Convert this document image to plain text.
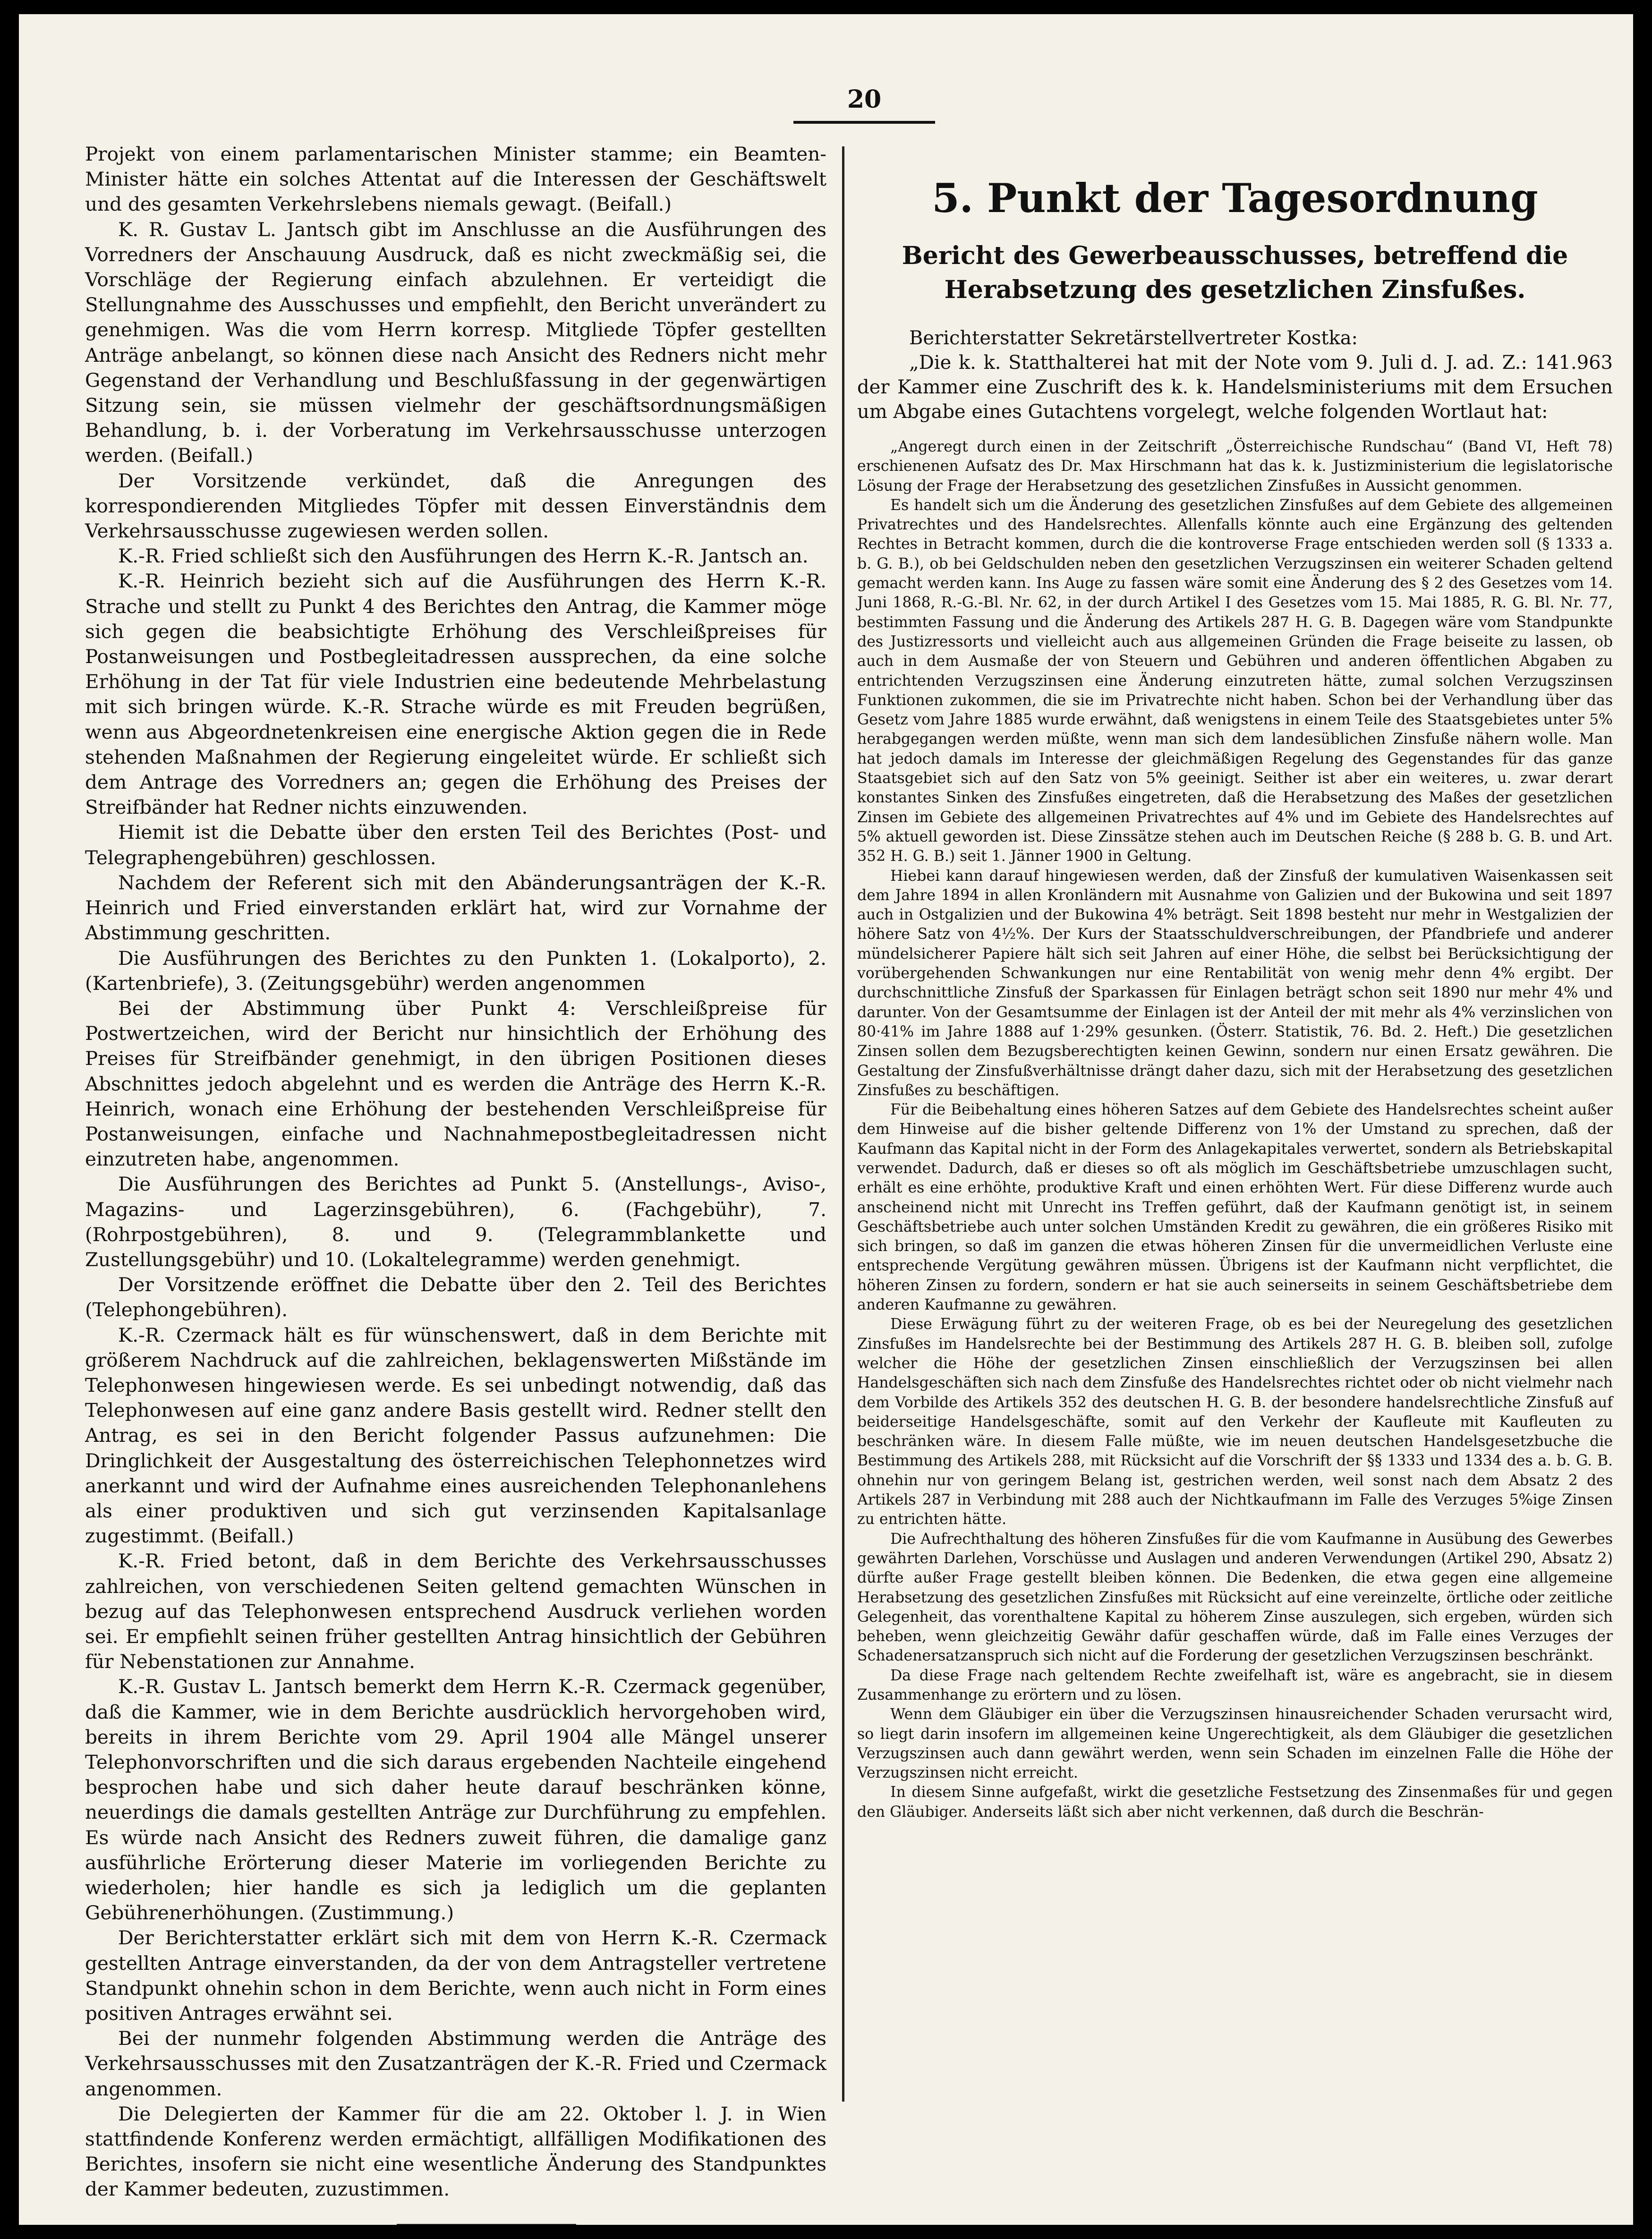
20

Projekt von einem parlamentarischen Minister stamme; ein Beamten-Minister hätte ein solches Attentat auf die Interessen der Geschäftswelt und des gesamten Verkehrslebens niemals gewagt. (Beifall.)

K. R. Gustav L. Jantsch gibt im Anschlusse an die Ausführungen des Vorredners der Anschauung Ausdruck, daß es nicht zweckmäßig sei, die Vorschläge der Regierung einfach abzulehnen. Er verteidigt die Stellungnahme des Ausschusses und empfiehlt, den Bericht unverändert zu genehmigen. Was die vom Herrn korresp. Mitgliede Töpfer gestellten Anträge anbelangt, so können diese nach Ansicht des Redners nicht mehr Gegenstand der Verhandlung und Beschlußfassung in der gegenwärtigen Sitzung sein, sie müssen vielmehr der geschäftsordnungsmäßigen Behandlung, b. i. der Vorberatung im Verkehrsausschusse unterzogen werden. (Beifall.)

Der Vorsitzende verkündet, daß die Anregungen des korrespondierenden Mitgliedes Töpfer mit dessen Einverständnis dem Verkehrsausschusse zugewiesen werden sollen.

K.-R. Fried schließt sich den Ausführungen des Herrn K.-R. Jantsch an.

K.-R. Heinrich bezieht sich auf die Ausführungen des Herrn K.-R. Strache und stellt zu Punkt 4 des Berichtes den Antrag, die Kammer möge sich gegen die beabsichtigte Erhöhung des Verschleißpreises für Postanweisungen und Postbegleitadressen aussprechen, da eine solche Erhöhung in der Tat für viele Industrien eine bedeutende Mehrbelastung mit sich bringen würde. K.-R. Strache würde es mit Freuden begrüßen, wenn aus Abgeordnetenkreisen eine energische Aktion gegen die in Rede stehenden Maßnahmen der Regierung eingeleitet würde. Er schließt sich dem Antrage des Vorredners an; gegen die Erhöhung des Preises der Streifbänder hat Redner nichts einzuwenden.

Hiemit ist die Debatte über den ersten Teil des Berichtes (Post- und Telegraphengebühren) geschlossen.

Nachdem der Referent sich mit den Abänderungsanträgen der K.-R. Heinrich und Fried einverstanden erklärt hat, wird zur Vornahme der Abstimmung geschritten.

Die Ausführungen des Berichtes zu den Punkten 1. (Lokalporto), 2. (Kartenbriefe), 3. (Zeitungsgebühr) werden angenommen

Bei der Abstimmung über Punkt 4: Verschleißpreise für Postwertzeichen, wird der Bericht nur hinsichtlich der Erhöhung des Preises für Streifbänder genehmigt, in den übrigen Positionen dieses Abschnittes jedoch abgelehnt und es werden die Anträge des Herrn K.-R. Heinrich, wonach eine Erhöhung der bestehenden Verschleißpreise für Postanweisungen, einfache und Nachnahmepostbegleitadressen nicht einzutreten habe, angenommen.

Die Ausführungen des Berichtes ad Punkt 5. (Anstellungs-, Aviso-, Magazins- und Lagerzinsgebühren), 6. (Fachgebühr), 7. (Rohrpostgebühren), 8. und 9. (Telegrammblankette und Zustellungsgebühr) und 10. (Lokaltelegramme) werden genehmigt.

Der Vorsitzende eröffnet die Debatte über den 2. Teil des Berichtes (Telephongebühren).

K.-R. Czermack hält es für wünschenswert, daß in dem Berichte mit größerem Nachdruck auf die zahlreichen, beklagenswerten Mißstände im Telephonwesen hingewiesen werde. Es sei unbedingt notwendig, daß das Telephonwesen auf eine ganz andere Basis gestellt wird. Redner stellt den Antrag, es sei in den Bericht folgender Passus aufzunehmen: Die Dringlichkeit der Ausgestaltung des österreichischen Telephonnetzes wird anerkannt und wird der Aufnahme eines ausreichenden Telephonanlehens als einer produktiven und sich gut verzinsenden Kapitalsanlage zugestimmt. (Beifall.)

K.-R. Fried betont, daß in dem Berichte des Verkehrsausschusses zahlreichen, von verschiedenen Seiten geltend gemachten Wünschen in bezug auf das Telephonwesen entsprechend Ausdruck verliehen worden sei. Er empfiehlt seinen früher gestellten Antrag hinsichtlich der Gebühren für Nebenstationen zur Annahme.

K.-R. Gustav L. Jantsch bemerkt dem Herrn K.-R. Czermack gegenüber, daß die Kammer, wie in dem Berichte ausdrücklich hervorgehoben wird, bereits in ihrem Berichte vom 29. April 1904 alle Mängel unserer Telephonvorschriften und die sich daraus ergebenden Nachteile eingehend besprochen habe und sich daher heute darauf beschränken könne, neuerdings die damals gestellten Anträge zur Durchführung zu empfehlen. Es würde nach Ansicht des Redners zuweit führen, die damalige ganz ausführliche Erörterung dieser Materie im vorliegenden Berichte zu wiederholen; hier handle es sich ja lediglich um die geplanten Gebührenerhöhungen. (Zustimmung.)

Der Berichterstatter erklärt sich mit dem von Herrn K.-R. Czermack gestellten Antrage einverstanden, da der von dem Antragsteller vertretene Standpunkt ohnehin schon in dem Berichte, wenn auch nicht in Form eines positiven Antrages erwähnt sei.

Bei der nunmehr folgenden Abstimmung werden die Anträge des Verkehrsausschusses mit den Zusatzanträgen der K.-R. Fried und Czermack angenommen.

Die Delegierten der Kammer für die am 22. Oktober l. J. in Wien stattfindende Konferenz werden ermächtigt, allfälligen Modifikationen des Berichtes, insofern sie nicht eine wesentliche Änderung des Standpunktes der Kammer bedeuten, zuzustimmen.

5. Punkt der Tagesordnung
Bericht des Gewerbeausschusses, betreffend die Herabsetzung des gesetzlichen Zinsfußes.

Berichterstatter Sekretärstellvertreter Kostka:

„Die k. k. Statthalterei hat mit der Note vom 9. Juli d. J. ad. Z.: 141.963 der Kammer eine Zuschrift des k. k. Handelsministeriums mit dem Ersuchen um Abgabe eines Gutachtens vorgelegt, welche folgenden Wortlaut hat:

„Angeregt durch einen in der Zeitschrift „Österreichische Rundschau“ (Band VI, Heft 78) erschienenen Aufsatz des Dr. Max Hirschmann hat das k. k. Justizministerium die legislatorische Lösung der Frage der Herabsetzung des gesetzlichen Zinsfußes in Aussicht genommen.

Es handelt sich um die Änderung des gesetzlichen Zinsfußes auf dem Gebiete des allgemeinen Privatrechtes und des Handelsrechtes. Allenfalls könnte auch eine Ergänzung des geltenden Rechtes in Betracht kommen, durch die die kontroverse Frage entschieden werden soll (§ 1333 a. b. G. B.), ob bei Geldschulden neben den gesetzlichen Verzugszinsen ein weiterer Schaden geltend gemacht werden kann. Ins Auge zu fassen wäre somit eine Änderung des § 2 des Gesetzes vom 14. Juni 1868, R.-G.-Bl. Nr. 62, in der durch Artikel I des Gesetzes vom 15. Mai 1885, R. G. Bl. Nr. 77, bestimmten Fassung und die Änderung des Artikels 287 H. G. B. Dagegen wäre vom Standpunkte des Justizressorts und vielleicht auch aus allgemeinen Gründen die Frage beiseite zu lassen, ob auch in dem Ausmaße der von Steuern und Gebühren und anderen öffentlichen Abgaben zu entrichtenden Verzugszinsen eine Änderung einzutreten hätte, zumal solchen Verzugszinsen Funktionen zukommen, die sie im Privatrechte nicht haben. Schon bei der Verhandlung über das Gesetz vom Jahre 1885 wurde erwähnt, daß wenigstens in einem Teile des Staatsgebietes unter 5% herabgegangen werden müßte, wenn man sich dem landesüblichen Zinsfuße nähern wolle. Man hat jedoch damals im Interesse der gleichmäßigen Regelung des Gegenstandes für das ganze Staatsgebiet sich auf den Satz von 5% geeinigt. Seither ist aber ein weiteres, u. zwar derart konstantes Sinken des Zinsfußes eingetreten, daß die Herabsetzung des Maßes der gesetzlichen Zinsen im Gebiete des allgemeinen Privatrechtes auf 4% und im Gebiete des Handelsrechtes auf 5% aktuell geworden ist. Diese Zinssätze stehen auch im Deutschen Reiche (§ 288 b. G. B. und Art. 352 H. G. B.) seit 1. Jänner 1900 in Geltung.

Hiebei kann darauf hingewiesen werden, daß der Zinsfuß der kumulativen Waisenkassen seit dem Jahre 1894 in allen Kronländern mit Ausnahme von Galizien und der Bukowina und seit 1897 auch in Ostgalizien und der Bukowina 4% beträgt. Seit 1898 besteht nur mehr in Westgalizien der höhere Satz von 4½%. Der Kurs der Staatsschuldverschreibungen, der Pfandbriefe und anderer mündelsicherer Papiere hält sich seit Jahren auf einer Höhe, die selbst bei Berücksichtigung der vorübergehenden Schwankungen nur eine Rentabilität von wenig mehr denn 4% ergibt. Der durchschnittliche Zinsfuß der Sparkassen für Einlagen beträgt schon seit 1890 nur mehr 4% und darunter. Von der Gesamtsumme der Einlagen ist der Anteil der mit mehr als 4% verzinslichen von 80·41% im Jahre 1888 auf 1·29% gesunken. (Österr. Statistik, 76. Bd. 2. Heft.) Die gesetzlichen Zinsen sollen dem Bezugsberechtigten keinen Gewinn, sondern nur einen Ersatz gewähren. Die Gestaltung der Zinsfußverhältnisse drängt daher dazu, sich mit der Herabsetzung des gesetzlichen Zinsfußes zu beschäftigen.

Für die Beibehaltung eines höheren Satzes auf dem Gebiete des Handelsrechtes scheint außer dem Hinweise auf die bisher geltende Differenz von 1% der Umstand zu sprechen, daß der Kaufmann das Kapital nicht in der Form des Anlagekapitales verwertet, sondern als Betriebskapital verwendet. Dadurch, daß er dieses so oft als möglich im Geschäftsbetriebe umzuschlagen sucht, erhält es eine erhöhte, produktive Kraft und einen erhöhten Wert. Für diese Differenz wurde auch anscheinend nicht mit Unrecht ins Treffen geführt, daß der Kaufmann genötigt ist, in seinem Geschäftsbetriebe auch unter solchen Umständen Kredit zu gewähren, die ein größeres Risiko mit sich bringen, so daß im ganzen die etwas höheren Zinsen für die unvermeidlichen Verluste eine entsprechende Vergütung gewähren müssen. Übrigens ist der Kaufmann nicht verpflichtet, die höheren Zinsen zu fordern, sondern er hat sie auch seinerseits in seinem Geschäftsbetriebe dem anderen Kaufmanne zu gewähren.

Diese Erwägung führt zu der weiteren Frage, ob es bei der Neuregelung des gesetzlichen Zinsfußes im Handelsrechte bei der Bestimmung des Artikels 287 H. G. B. bleiben soll, zufolge welcher die Höhe der gesetzlichen Zinsen einschließlich der Verzugszinsen bei allen Handelsgeschäften sich nach dem Zinsfuße des Handelsrechtes richtet oder ob nicht vielmehr nach dem Vorbilde des Artikels 352 des deutschen H. G. B. der besondere handelsrechtliche Zinsfuß auf beiderseitige Handelsgeschäfte, somit auf den Verkehr der Kaufleute mit Kaufleuten zu beschränken wäre. In diesem Falle müßte, wie im neuen deutschen Handelsgesetzbuche die Bestimmung des Artikels 288, mit Rücksicht auf die Vorschrift der §§ 1333 und 1334 des a. b. G. B. ohnehin nur von geringem Belang ist, gestrichen werden, weil sonst nach dem Absatz 2 des Artikels 287 in Verbindung mit 288 auch der Nichtkaufmann im Falle des Verzuges 5%ige Zinsen zu entrichten hätte.

Die Aufrechthaltung des höheren Zinsfußes für die vom Kaufmanne in Ausübung des Gewerbes gewährten Darlehen, Vorschüsse und Auslagen und anderen Verwendungen (Artikel 290, Absatz 2) dürfte außer Frage gestellt bleiben können. Die Bedenken, die etwa gegen eine allgemeine Herabsetzung des gesetzlichen Zinsfußes mit Rücksicht auf eine vereinzelte, örtliche oder zeitliche Gelegenheit, das vorenthaltene Kapital zu höherem Zinse auszulegen, sich ergeben, würden sich beheben, wenn gleichzeitig Gewähr dafür geschaffen würde, daß im Falle eines Verzuges der Schadenersatzanspruch sich nicht auf die Forderung der gesetzlichen Verzugszinsen beschränkt.

Da diese Frage nach geltendem Rechte zweifelhaft ist, wäre es angebracht, sie in diesem Zusammenhange zu erörtern und zu lösen.

Wenn dem Gläubiger ein über die Verzugszinsen hinausreichender Schaden verursacht wird, so liegt darin insofern im allgemeinen keine Ungerechtigkeit, als dem Gläubiger die gesetzlichen Verzugszinsen auch dann gewährt werden, wenn sein Schaden im einzelnen Falle die Höhe der Verzugszinsen nicht erreicht.

In diesem Sinne aufgefaßt, wirkt die gesetzliche Festsetzung des Zinsenmaßes für und gegen den Gläubiger. Anderseits läßt sich aber nicht verkennen, daß durch die Beschrän-
